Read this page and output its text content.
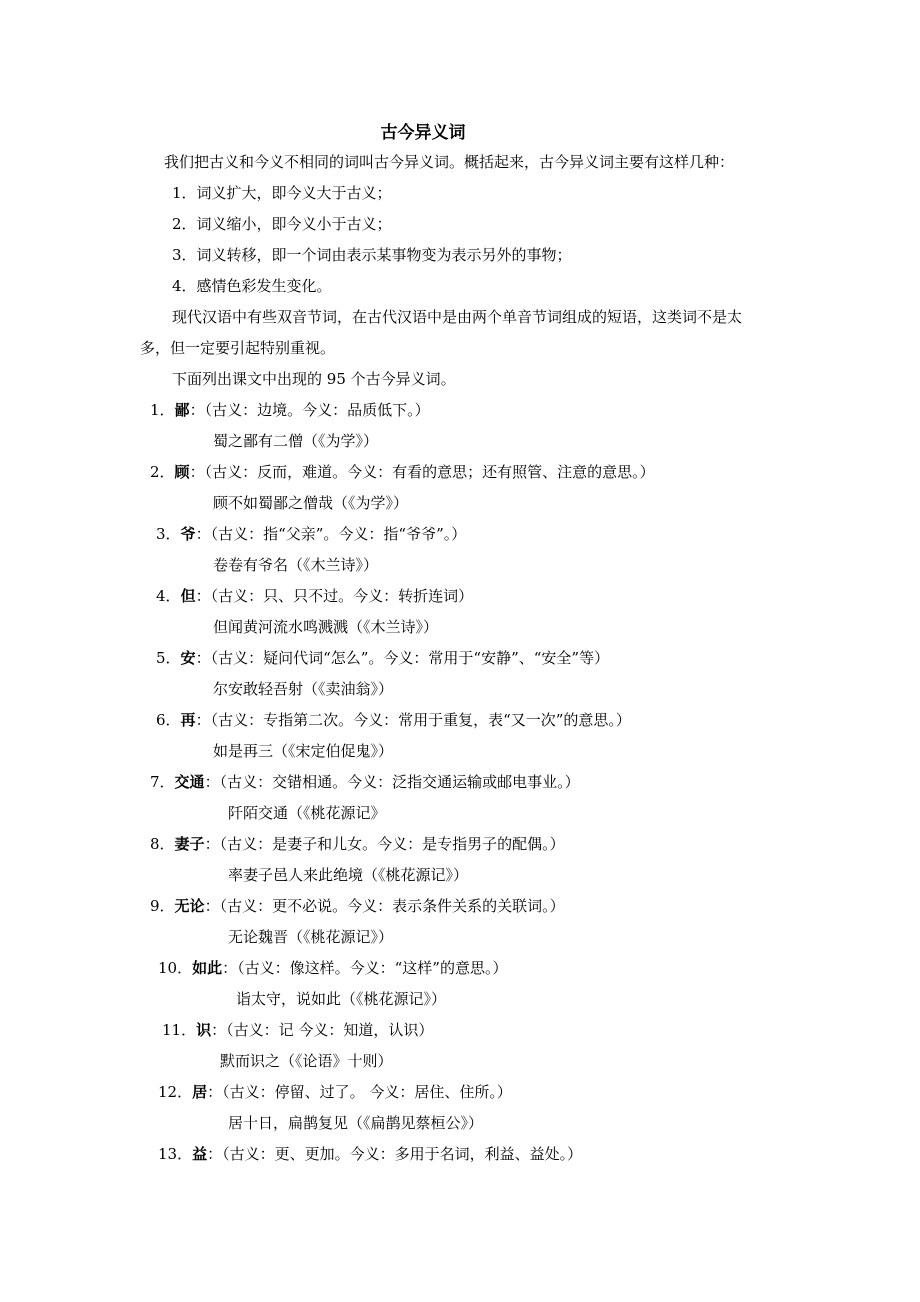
古今异义词
我们把古义和今义不相同的词叫古今异义词。概括起来，古今异义词主要有这样几种：
1．词义扩大，即今义大于古义；
2．词义缩小，即今义小于古义；
3．词义转移，即一个词由表示某事物变为表示另外的事物；
4．感情色彩发生变化。
现代汉语中有些双音节词，在古代汉语中是由两个单音节词组成的短语，这类词不是太
多，但一定要引起特别重视。
下面列出课文中出现的 95 个古今异义词。
1．鄙：（古义：边境。今义：品质低下。）
蜀之鄙有二僧（《为学》）
2．顾：（古义：反而，难道。今义：有看的意思；还有照管、注意的意思。）
顾不如蜀鄙之僧哉（《为学》）
3．爷：（古义：指“父亲”。今义：指“爷爷”。）
卷卷有爷名（《木兰诗》）
4．但：（古义：只、只不过。今义：转折连词）
但闻黄河流水鸣溅溅（《木兰诗》）
5．安：（古义：疑问代词“怎么”。今义：常用于“安静”、“安全”等）
尔安敢轻吾射（《卖油翁》）
6．再：（古义：专指第二次。今义：常用于重复，表“又一次”的意思。）
如是再三（《宋定伯促鬼》）
7．交通：（古义：交错相通。今义：泛指交通运输或邮电事业。）
阡陌交通（《桃花源记》
8．妻子：（古义：是妻子和儿女。今义：是专指男子的配偶。）
率妻子邑人来此绝境（《桃花源记》）
9．无论：（古义：更不必说。今义：表示条件关系的关联词。）
无论魏晋（《桃花源记》）
10．如此：（古义：像这样。今义：“这样”的意思。）
诣太守，说如此（《桃花源记》）
11．识：（古义：记 今义：知道，认识）
默而识之（《论语》十则）
12．居：（古义：停留、过了。 今义：居住、住所。）
居十日，扁鹊复见（《扁鹊见蔡桓公》）
13．益：（古义：更、更加。今义：多用于名词，利益、益处。）
